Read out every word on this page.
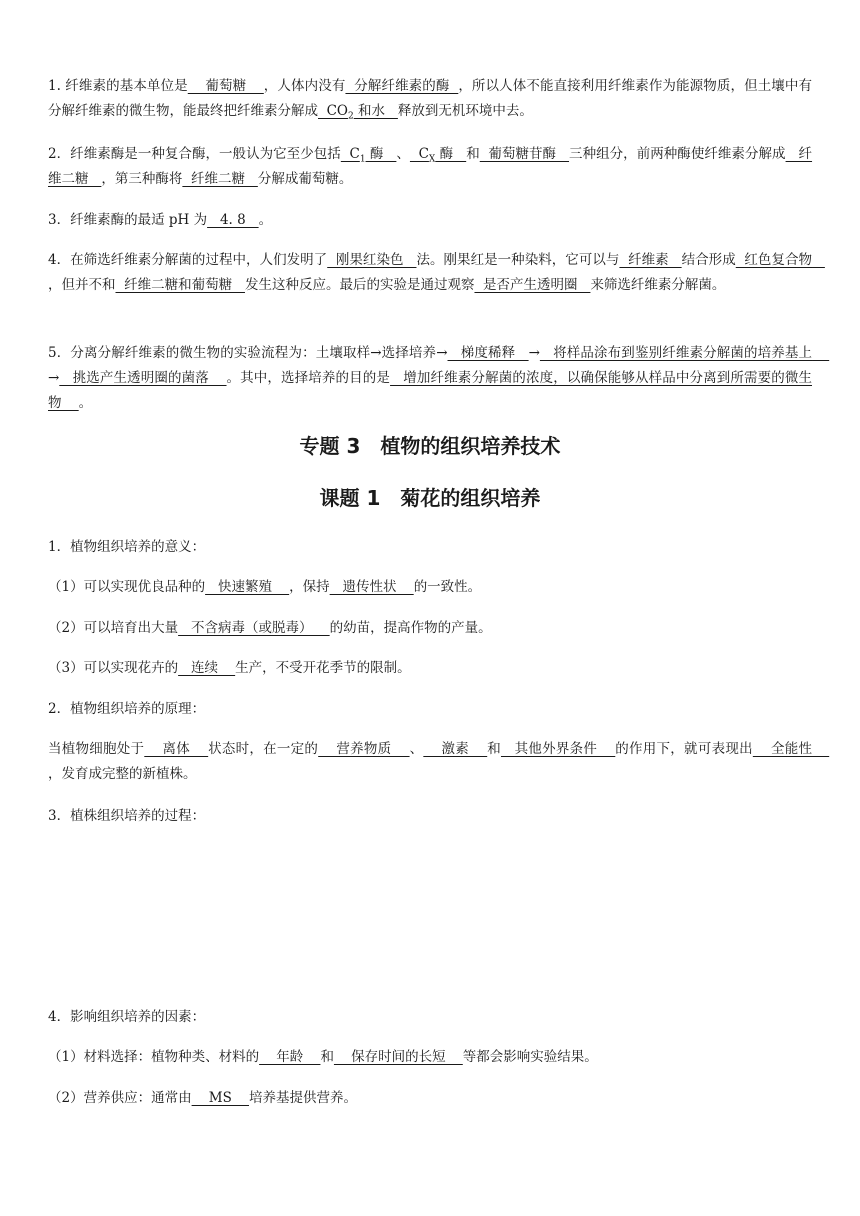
1. 纤维素的基本单位是    葡萄糖    ，人体内没有  分解纤维素的酶  ，所以人体不能直接利用纤维素作为能源物质，但土壤中有分解纤维素的微生物，能最终把纤维素分解成  $CO_2$ 和水   释放到无机环境中去。

2．纤维素酶是一种复合酶，一般认为它至少包括  $C_1$ 酶   、  $C_X$ 酶   和  葡萄糖苷酶   三种组分，前两种酶使纤维素分解成   纤维二糖   ，第三种酶将  纤维二糖   分解成葡萄糖。

3．纤维素酶的最适 pH 为   4. 8   。

4．在筛选纤维素分解菌的过程中，人们发明了  刚果红染色   法。刚果红是一种染料，它可以与  纤维素   结合形成  红色复合物   ，但并不和  纤维二糖和葡萄糖   发生这种反应。最后的实验是通过观察  是否产生透明圈   来筛选纤维素分解菌。

5．分离分解纤维素的微生物的实验流程为：土壤取样→选择培养→   梯度稀释   →   将样品涂布到鉴别纤维素分解菌的培养基上    →   挑选产生透明圈的菌落    。其中，选择培养的目的是   增加纤维素分解菌的浓度，以确保能够从样品中分离到所需要的微生物    。

专题 3　植物的组织培养技术
课题 1　菊花的组织培养

1．植物组织培养的意义：

（1）可以实现优良品种的   快速繁殖    ，保持   遗传性状    的一致性。

（2）可以培育出大量   不含病毒（或脱毒）    的幼苗，提高作物的产量。

（3）可以实现花卉的   连续    生产，不受开花季节的限制。

2．植物组织培养的原理：

当植物细胞处于    离体    状态时，在一定的    营养物质    、    激素    和   其他外界条件    的作用下，就可表现出    全能性    ，发育成完整的新植株。

3．植株组织培养的过程：

4．影响组织培养的因素：

（1）材料选择：植物种类、材料的    年龄    和    保存时间的长短    等都会影响实验结果。

（2）营养供应：通常由    MS    培养基提供营养。
